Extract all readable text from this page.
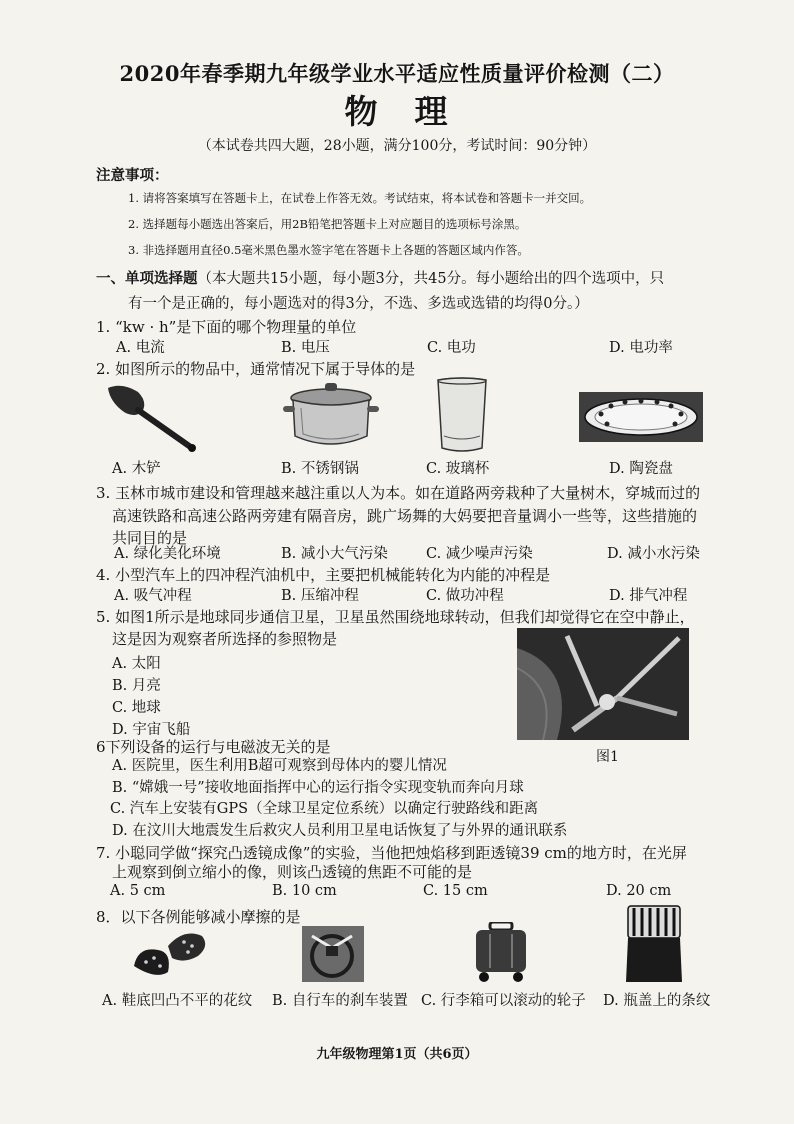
2020年春季期九年级学业水平适应性质量评价检测（二）
物　理
（本试卷共四大题，28小题，满分100分，考试时间：90分钟）
注意事项：
1. 请将答案填写在答题卡上，在试卷上作答无效。考试结束，将本试卷和答题卡一并交回。
2. 选择题每小题选出答案后，用2B铅笔把答题卡上对应题目的选项标号涂黑。
3. 非选择题用直径0.5毫米黑色墨水签字笔在答题卡上各题的答题区域内作答。
一、单项选择题（本大题共15小题，每小题3分，共45分。每小题给出的四个选项中，只
有一个是正确的，每小题选对的得3分，不选、多选或选错的均得0分。）
1. “kw · h”是下面的哪个物理量的单位
A. 电流	B. 电压	C. 电功	D. 电功率
2. 如图所示的物品中，通常情况下属于导体的是
A. 木铲	B. 不锈钢锅	C. 玻璃杯	D. 陶瓷盘
3. 玉林市城市建设和管理越来越注重以人为本。如在道路两旁栽种了大量树木，穿城而过的
高速铁路和高速公路两旁建有隔音房，跳广场舞的大妈要把音量调小一些等，这些措施的
共同目的是
A. 绿化美化环境	B. 减小大气污染	C. 减少噪声污染	D. 减小水污染
4. 小型汽车上的四冲程汽油机中，主要把机械能转化为内能的冲程是
A. 吸气冲程	B. 压缩冲程	C. 做功冲程	D. 排气冲程
5. 如图1所示是地球同步通信卫星，卫星虽然围绕地球转动，但我们却觉得它在空中静止，
这是因为观察者所选择的参照物是
A. 太阳
B. 月亮
C. 地球
D. 宇宙飞船
图1
6下列设备的运行与电磁波无关的是
A. 医院里，医生利用B超可观察到母体内的婴儿情况
B. “嫦娥一号”接收地面指挥中心的运行指令实现变轨而奔向月球
C. 汽车上安装有GPS（全球卫星定位系统）以确定行驶路线和距离
D. 在汶川大地震发生后救灾人员利用卫星电话恢复了与外界的通讯联系
7. 小聪同学做“探究凸透镜成像”的实验，当他把烛焰移到距透镜39 cm的地方时，在光屏
上观察到倒立缩小的像，则该凸透镜的焦距不可能的是
A. 5 cm	B. 10 cm	C. 15 cm	D. 20 cm
8．以下各例能够减小摩擦的是
A. 鞋底凹凸不平的花纹 B. 自行车的刹车装置 C. 行李箱可以滚动的轮子 D. 瓶盖上的条纹
九年级物理第1页（共6页）
